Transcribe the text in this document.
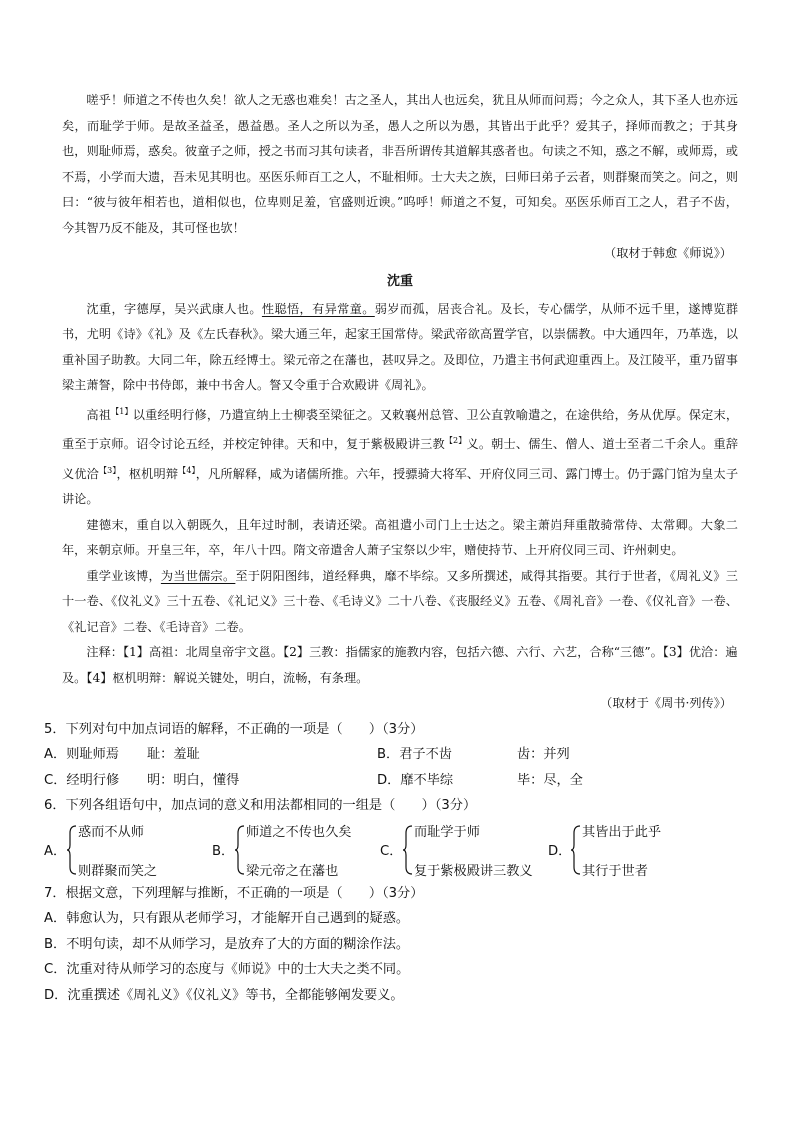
嗟乎！师道之不传也久矣！欲人之无惑也难矣！古之圣人，其出人也远矣，犹且从师而问焉；今之众人，其下圣人也亦远矣，而耻学于师。是故圣益圣，愚益愚。圣人之所以为圣，愚人之所以为愚，其皆出于此乎？爱其子，择师而教之；于其身也，则耻师焉，惑矣。彼童子之师，授之书而习其句读者，非吾所谓传其道解其惑者也。句读之不知，惑之不解，或师焉，或不焉，小学而大遗，吾未见其明也。巫医乐师百工之人，不耻相师。士大夫之族，曰师曰弟子云者，则群聚而笑之。问之，则曰：“彼与彼年相若也，道相似也，位卑则足羞，官盛则近谀。”呜呼！师道之不复，可知矣。巫医乐师百工之人，君子不齿，今其智乃反不能及，其可怪也欤！

（取材于韩愈《师说》）

沈重

沈重，字德厚，吴兴武康人也。性聪悟，有异常童。弱岁而孤，居丧合礼。及长，专心儒学，从师不远千里，遂博览群书，尤明《诗》《礼》及《左氏春秋》。梁大通三年，起家王国常侍。梁武帝欲高置学官，以崇儒教。中大通四年，乃革选，以重补国子助教。大同二年，除五经博士。梁元帝之在藩也，甚叹异之。及即位，乃遣主书何武迎重西上。及江陵平，重乃留事梁主萧詧，除中书侍郎，兼中书舍人。詧又令重于合欢殿讲《周礼》。

高祖$^{【1】}$以重经明行修，乃遣宣纳上士柳裘至梁征之。又敕襄州总管、卫公直敦喻遣之，在途供给，务从优厚。保定末，重至于京师。诏令讨论五经，并校定钟律。天和中，复于紫极殿讲三教$^{【2】}$义。朝士、儒生、僧人、道士至者二千余人。重辞义优洽$^{【3】}$，枢机明辩$^{【4】}$，凡所解释，咸为诸儒所推。六年，授骠骑大将军、开府仪同三司、露门博士。仍于露门馆为皇太子讲论。

建德末，重自以入朝既久，且年过时制，表请还梁。高祖遣小司门上士达之。梁主萧岿拜重散骑常侍、太常卿。大象二年，来朝京师。开皇三年，卒，年八十四。隋文帝遣舍人萧子宝祭以少牢，赠使持节、上开府仪同三司、许州刺史。

重学业该博，为当世儒宗。至于阴阳图纬，道经释典，靡不毕综。又多所撰述，咸得其指要。其行于世者，《周礼义》三十一卷、《仪礼义》三十五卷、《礼记义》三十卷、《毛诗义》二十八卷、《丧服经义》五卷、《周礼音》一卷、《仪礼音》一卷、《礼记音》二卷、《毛诗音》二卷。

注释：【1】高祖：北周皇帝宇文邕。【2】三教：指儒家的施教内容，包括六德、六行、六艺，合称“三德”。【3】优洽：遍及。【4】枢机明辩：解说关键处，明白，流畅，有条理。

（取材于《周书·列传》）

5．下列对句中加点词语的解释，不正确的一项是（　　）（3分）

A．则耻师焉	耻：羞耻	B．君子不齿	齿：并列
C．经明行修	明：明白，懂得	D．靡不毕综	毕：尽，全

6．下列各组语句中，加点词的意义和用法都相同的一组是（　　）（3分）

A．
惑而不从师
则群聚而笑之
B．
师道之不传也久矣
梁元帝之在藩也
C．
而耻学于师
复于紫极殿讲三教义
D．
其皆出于此乎
其行于世者

7．根据文意，下列理解与推断，不正确的一项是（　　）（3分）

A．韩愈认为，只有跟从老师学习，才能解开自己遇到的疑惑。

B．不明句读，却不从师学习，是放弃了大的方面的糊涂作法。

C．沈重对待从师学习的态度与《师说》中的士大夫之类不同。

D．沈重撰述《周礼义》《仪礼义》等书，全都能够阐发要义。
